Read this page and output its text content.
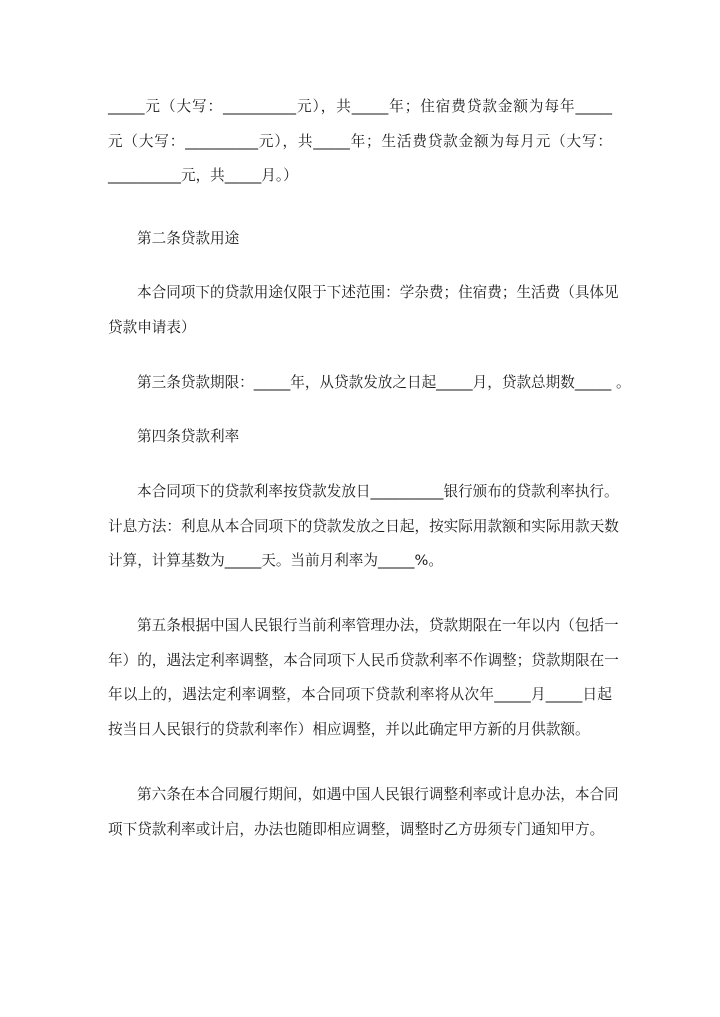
_____元（大写：__________元），共_____年；住宿费贷款金额为每年_____
元（大写：__________元），共_____年；生活费贷款金额为每月元（大写：
__________元，共_____月。）
第二条贷款用途
本合同项下的贷款用途仅限于下述范围：学杂费；住宿费；生活费（具体见
贷款申请表）
第三条贷款期限：_____年，从贷款发放之日起_____月，贷款总期数_____ 。
第四条贷款利率
本合同项下的贷款利率按贷款发放日__________银行颁布的贷款利率执行。
计息方法：利息从本合同项下的贷款发放之日起，按实际用款额和实际用款天数
计算，计算基数为_____天。当前月利率为_____%。
第五条根据中国人民银行当前利率管理办法，贷款期限在一年以内（包括一
年）的，遇法定利率调整，本合同项下人民币贷款利率不作调整；贷款期限在一
年以上的，遇法定利率调整，本合同项下贷款利率将从次年_____月_____日起
按当日人民银行的贷款利率作）相应调整，并以此确定甲方新的月供款额。
第六条在本合同履行期间，如遇中国人民银行调整利率或计息办法，本合同
项下贷款利率或计启，办法也随即相应调整，调整时乙方毋须专门通知甲方。
